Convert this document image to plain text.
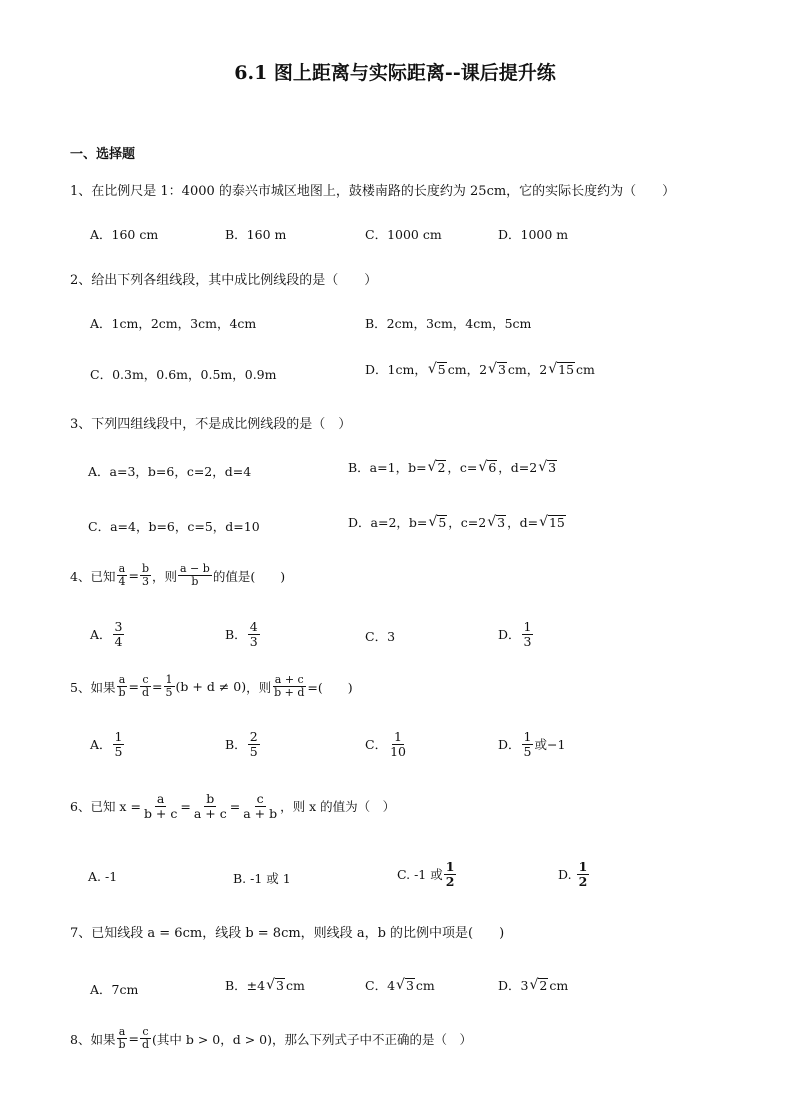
6.1 图上距离与实际距离--课后提升练
一、选择题
1、在比例尺是 1：4000 的泰兴市城区地图上，鼓楼南路的长度约为 25cm，它的实际长度约为（　　）
A．160 cm	B．160 m	C．1000 cm	D．1000 m
2、给出下列各组线段，其中成比例线段的是（　　）
A．1cm，2cm，3cm，4cm	B．2cm，3cm，4cm，5cm
C．0.3m，0.6m，0.5m，0.9m	D．1cm， √ 5 cm，2 √ 3 cm，2 √ 15 cm
3、下列四组线段中，不是成比例线段的是（　）
A．a=3，b=6，c=2，d=4	B．a=1，b= √ 2 ，c= √ 6 ，d=2 √ 3
C．a=4，b=6，c=5，d=10	D．a=2，b= √ 5 ，c=2 √ 3 ，d= √ 15
4、已知 $\frac{a}{4} = \frac{b}{3}$ ，则 $\frac{a - b}{b}$ 的值是(　　)
A． $\frac{3}{4}$	B． $\frac{4}{3}$	C．3	D． $\frac{1}{3}$
5、如果 $\frac{a}{b} = \frac{c}{d} = \frac{1}{5} (b + d \ne 0)$ ，则 $\frac{a + c}{b + d}$ =(　　)
A． $\frac{1}{5}$	B． $\frac{2}{5}$	C． $\frac{1}{10}$	D． $\frac{1}{5}$ 或−1
6、已知 $x = \frac{a}{b + c} = \frac{b}{a + c} = \frac{c}{a + b}$ ，则 x 的值为（　）
A. -1	B. -1 或 1	C. -1 或 $\frac{1}{2}$	D. $\frac{1}{2}$
7、已知线段 a = 6cm，线段 b = 8cm，则线段 a，b 的比例中项是(　　)
A．7cm	B．±4 √ 3 cm	C．4 √ 3 cm	D．3 √ 2 cm
8、如果 $\frac{a}{b} = \frac{c}{d}$ (其中 b > 0，d > 0)，那么下列式子中不正确的是（　）
